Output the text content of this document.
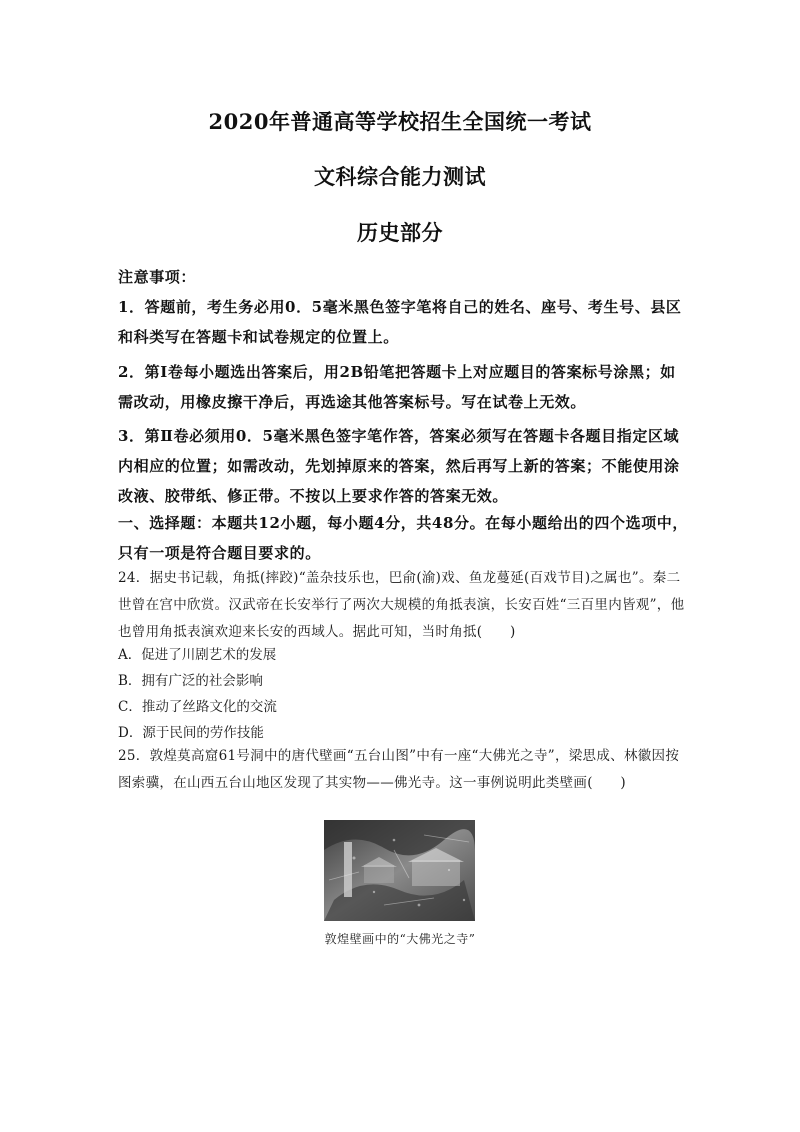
2020年普通高等学校招生全国统一考试
文科综合能力测试
历史部分
注意事项：
1．答题前，考生务必用0．5毫米黑色签字笔将自己的姓名、座号、考生号、县区和科类写在答题卡和试卷规定的位置上。
2．第Ⅰ卷每小题选出答案后，用2B铅笔把答题卡上对应题目的答案标号涂黑；如需改动，用橡皮擦干净后，再选途其他答案标号。写在试卷上无效。
3．第Ⅱ卷必须用0．5毫米黑色签字笔作答，答案必须写在答题卡各题目指定区域内相应的位置；如需改动，先划掉原来的答案，然后再写上新的答案；不能使用涂改液、胶带纸、修正带。不按以上要求作答的答案无效。
一、选择题：本题共12小题，每小题4分，共48分。在每小题给出的四个选项中，只有一项是符合题目要求的。
24．据史书记载，角抵(摔跤)“盖杂技乐也，巴俞(渝)戏、鱼龙蔓延(百戏节目)之属也”。秦二世曾在宫中欣赏。汉武帝在长安举行了两次大规模的角抵表演，长安百姓“三百里内皆观”，他也曾用角抵表演欢迎来长安的西域人。据此可知，当时角抵(　　)
A．促进了川剧艺术的发展
B．拥有广泛的社会影响
C．推动了丝路文化的交流
D．源于民间的劳作技能
25．敦煌莫高窟61号洞中的唐代壁画“五台山图”中有一座“大佛光之寺”，梁思成、林徽因按图索骥，在山西五台山地区发现了其实物——佛光寺。这一事例说明此类壁画(　　)
敦煌壁画中的“大佛光之寺”
